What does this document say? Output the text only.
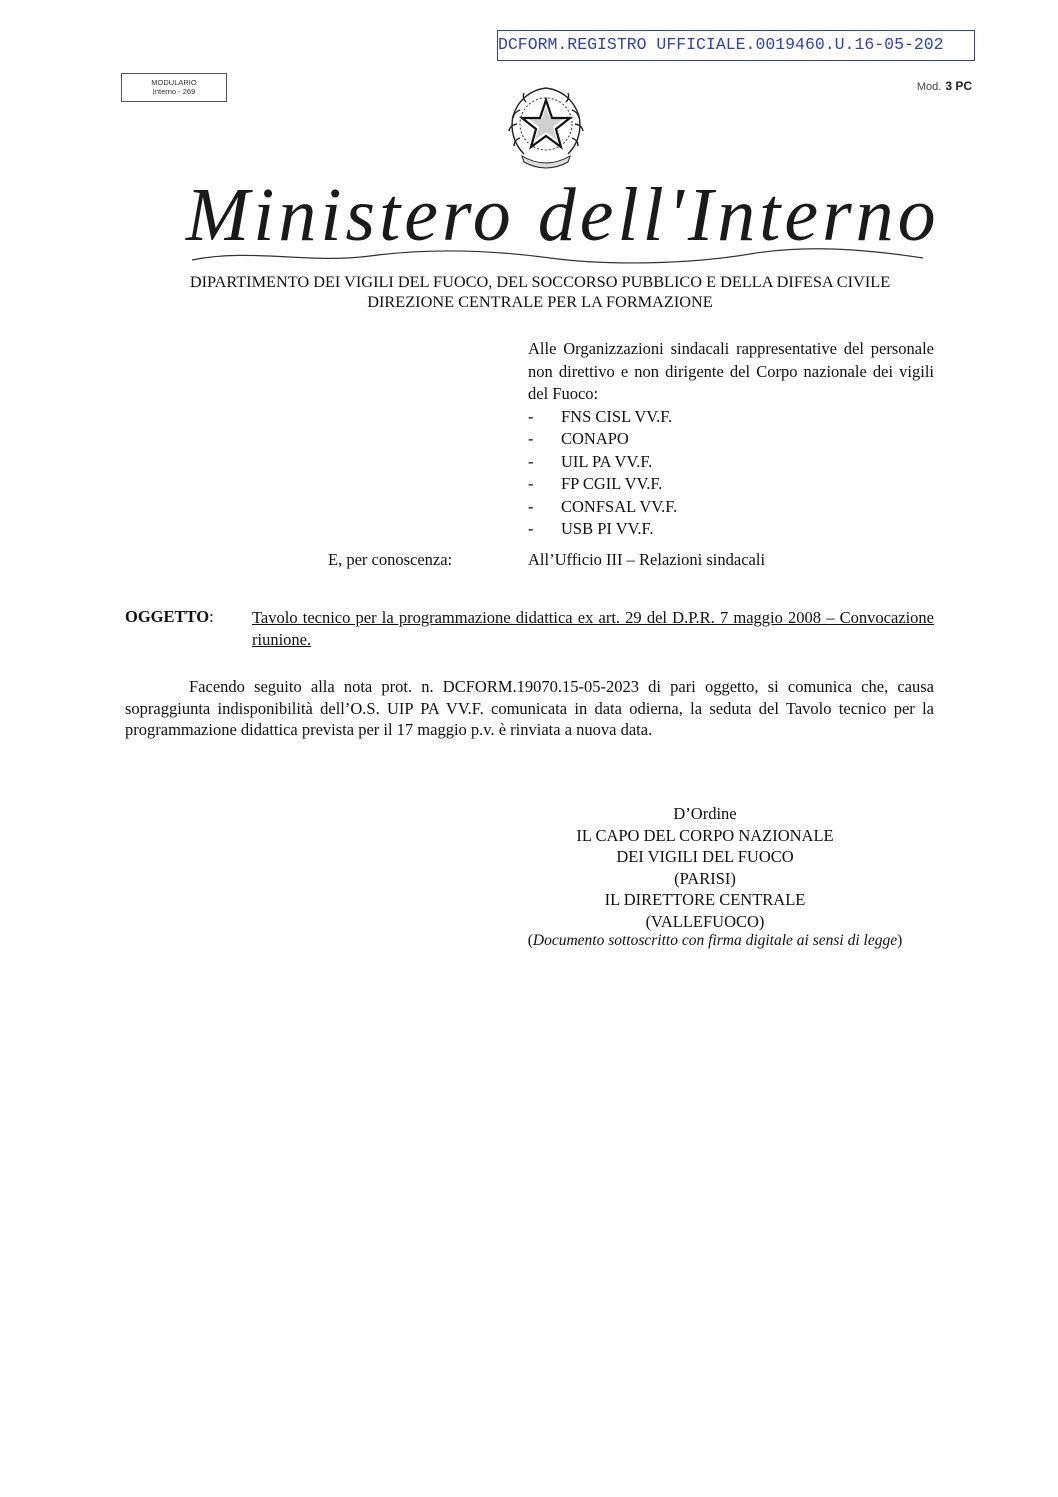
DCFORM.REGISTRO UFFICIALE.0019460.U.16-05-202
MODULARIO
Interno - 269	Mod. 3 PC
Ministero dell'Interno
DIPARTIMENTO DEI VIGILI DEL FUOCO, DEL SOCCORSO PUBBLICO E DELLA DIFESA CIVILE
DIREZIONE CENTRALE PER LA FORMAZIONE
Alle Organizzazioni sindacali rappresentative del personale non direttivo e non dirigente del Corpo nazionale dei vigili del Fuoco:
-	FNS CISL VV.F.
-	CONAPO
-	UIL PA VV.F.
-	FP CGIL VV.F.
-	CONFSAL VV.F.
-	USB PI VV.F.
E, per conoscenza:	All’Ufficio III – Relazioni sindacali
OGGETTO: Tavolo tecnico per la programmazione didattica ex art. 29 del D.P.R. 7 maggio 2008 – Convocazione riunione.
Facendo seguito alla nota prot. n. DCFORM.19070.15-05-2023 di pari oggetto, si comunica che, causa sopraggiunta indisponibilità dell’O.S. UIP PA VV.F. comunicata in data odierna, la seduta del Tavolo tecnico per la programmazione didattica prevista per il 17 maggio p.v. è rinviata a nuova data.
D’Ordine
IL CAPO DEL CORPO NAZIONALE
DEI VIGILI DEL FUOCO
(PARISI)
IL DIRETTORE CENTRALE
(VALLEFUOCO)
(Documento sottoscritto con firma digitale ai sensi di legge)
